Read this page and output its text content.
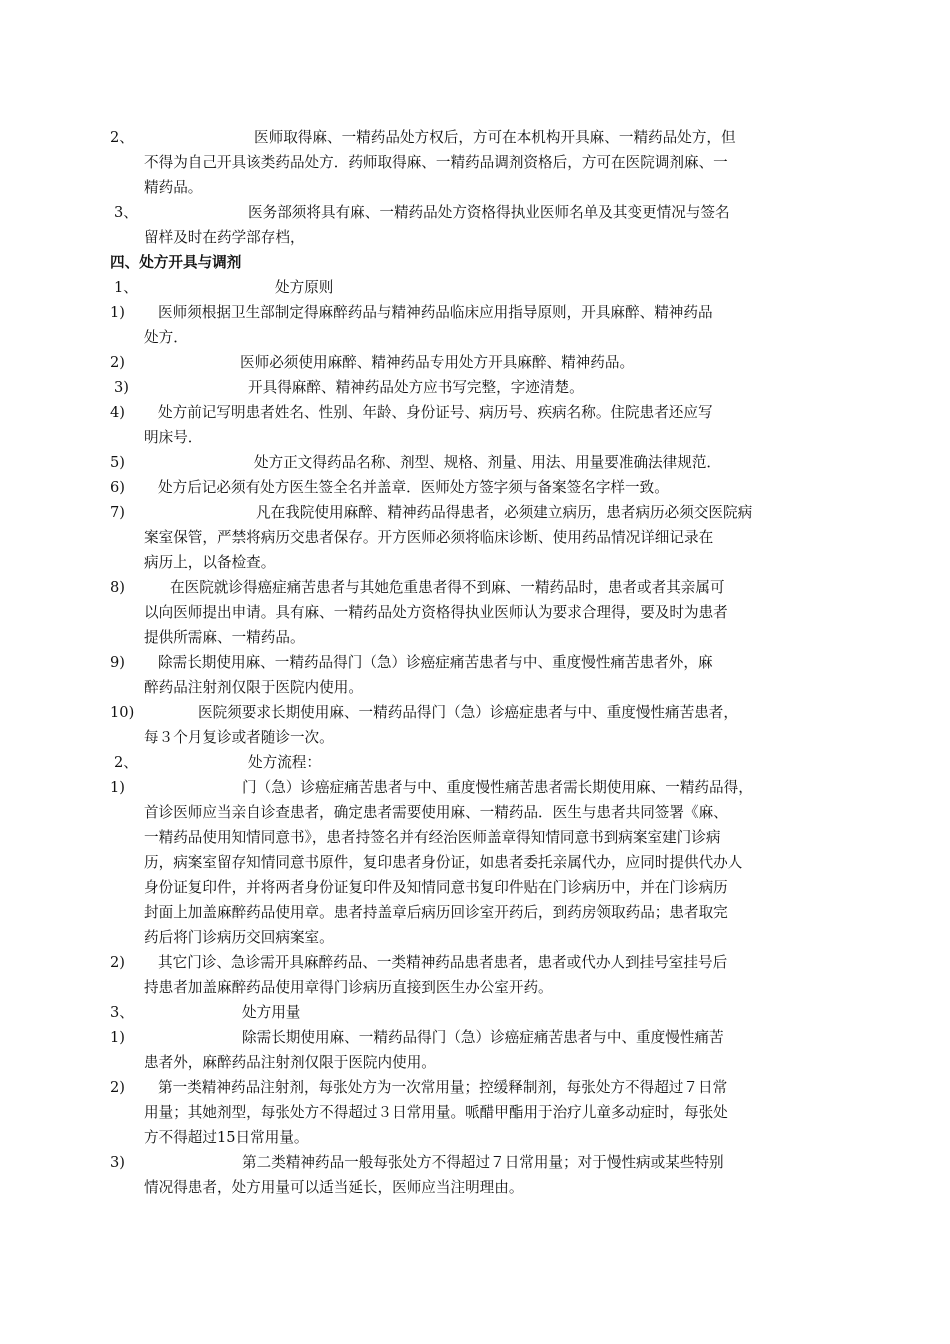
2、	医师取得麻、一精药品处方权后，方可在本机构开具麻、一精药品处方，但
不得为自己开具该类药品处方．药师取得麻、一精药品调剂资格后，方可在医院调剂麻、一
精药品。
3、	医务部须将具有麻、一精药品处方资格得执业医师名单及其变更情况与签名
留样及时在药学部存档，
四、处方开具与调剂
1、	处方原则
1)	医师须根据卫生部制定得麻醉药品与精神药品临床应用指导原则，开具麻醉、精神药品
处方．
2)	医师必须使用麻醉、精神药品专用处方开具麻醉、精神药品。
3)	开具得麻醉、精神药品处方应书写完整，字迹清楚。
4)	处方前记写明患者姓名、性别、年龄、身份证号、病历号、疾病名称。住院患者还应写
明床号．
5)	处方正文得药品名称、剂型、规格、剂量、用法、用量要准确法律规范．
6)	处方后记必须有处方医生签全名并盖章．医师处方签字须与备案签名字样一致。
7)	凡在我院使用麻醉、精神药品得患者，必须建立病历，患者病历必须交医院病
案室保管，严禁将病历交患者保存。开方医师必须将临床诊断、使用药品情况详细记录在
病历上，以备检查。
8)	在医院就诊得癌症痛苦患者与其她危重患者得不到麻、一精药品时，患者或者其亲属可
以向医师提出申请。具有麻、一精药品处方资格得执业医师认为要求合理得，要及时为患者
提供所需麻、一精药品。
9)	除需长期使用麻、一精药品得门（急）诊癌症痛苦患者与中、重度慢性痛苦患者外，麻
醉药品注射剂仅限于医院内使用。
10)	医院须要求长期使用麻、一精药品得门（急）诊癌症患者与中、重度慢性痛苦患者，
每３个月复诊或者随诊一次。
2、	处方流程：
1)	门（急）诊癌症痛苦患者与中、重度慢性痛苦患者需长期使用麻、一精药品得，
首诊医师应当亲自诊查患者，确定患者需要使用麻、一精药品．医生与患者共同签署《麻、
一精药品使用知情同意书》，患者持签名并有经治医师盖章得知情同意书到病案室建门诊病
历，病案室留存知情同意书原件，复印患者身份证，如患者委托亲属代办，应同时提供代办人
身份证复印件，并将两者身份证复印件及知情同意书复印件贴在门诊病历中，并在门诊病历
封面上加盖麻醉药品使用章。患者持盖章后病历回诊室开药后，到药房领取药品；患者取完
药后将门诊病历交回病案室。
2)	其它门诊、急诊需开具麻醉药品、一类精神药品患者患者，患者或代办人到挂号室挂号后
持患者加盖麻醉药品使用章得门诊病历直接到医生办公室开药。
3、	处方用量
1)	除需长期使用麻、一精药品得门（急）诊癌症痛苦患者与中、重度慢性痛苦
患者外，麻醉药品注射剂仅限于医院内使用。
2)	第一类精神药品注射剂，每张处方为一次常用量；控缓释制剂，每张处方不得超过７日常
用量；其她剂型，每张处方不得超过３日常用量。哌醋甲酯用于治疗儿童多动症时，每张处
方不得超过15日常用量。
3)	第二类精神药品一般每张处方不得超过７日常用量；对于慢性病或某些特别
情况得患者，处方用量可以适当延长，医师应当注明理由。
